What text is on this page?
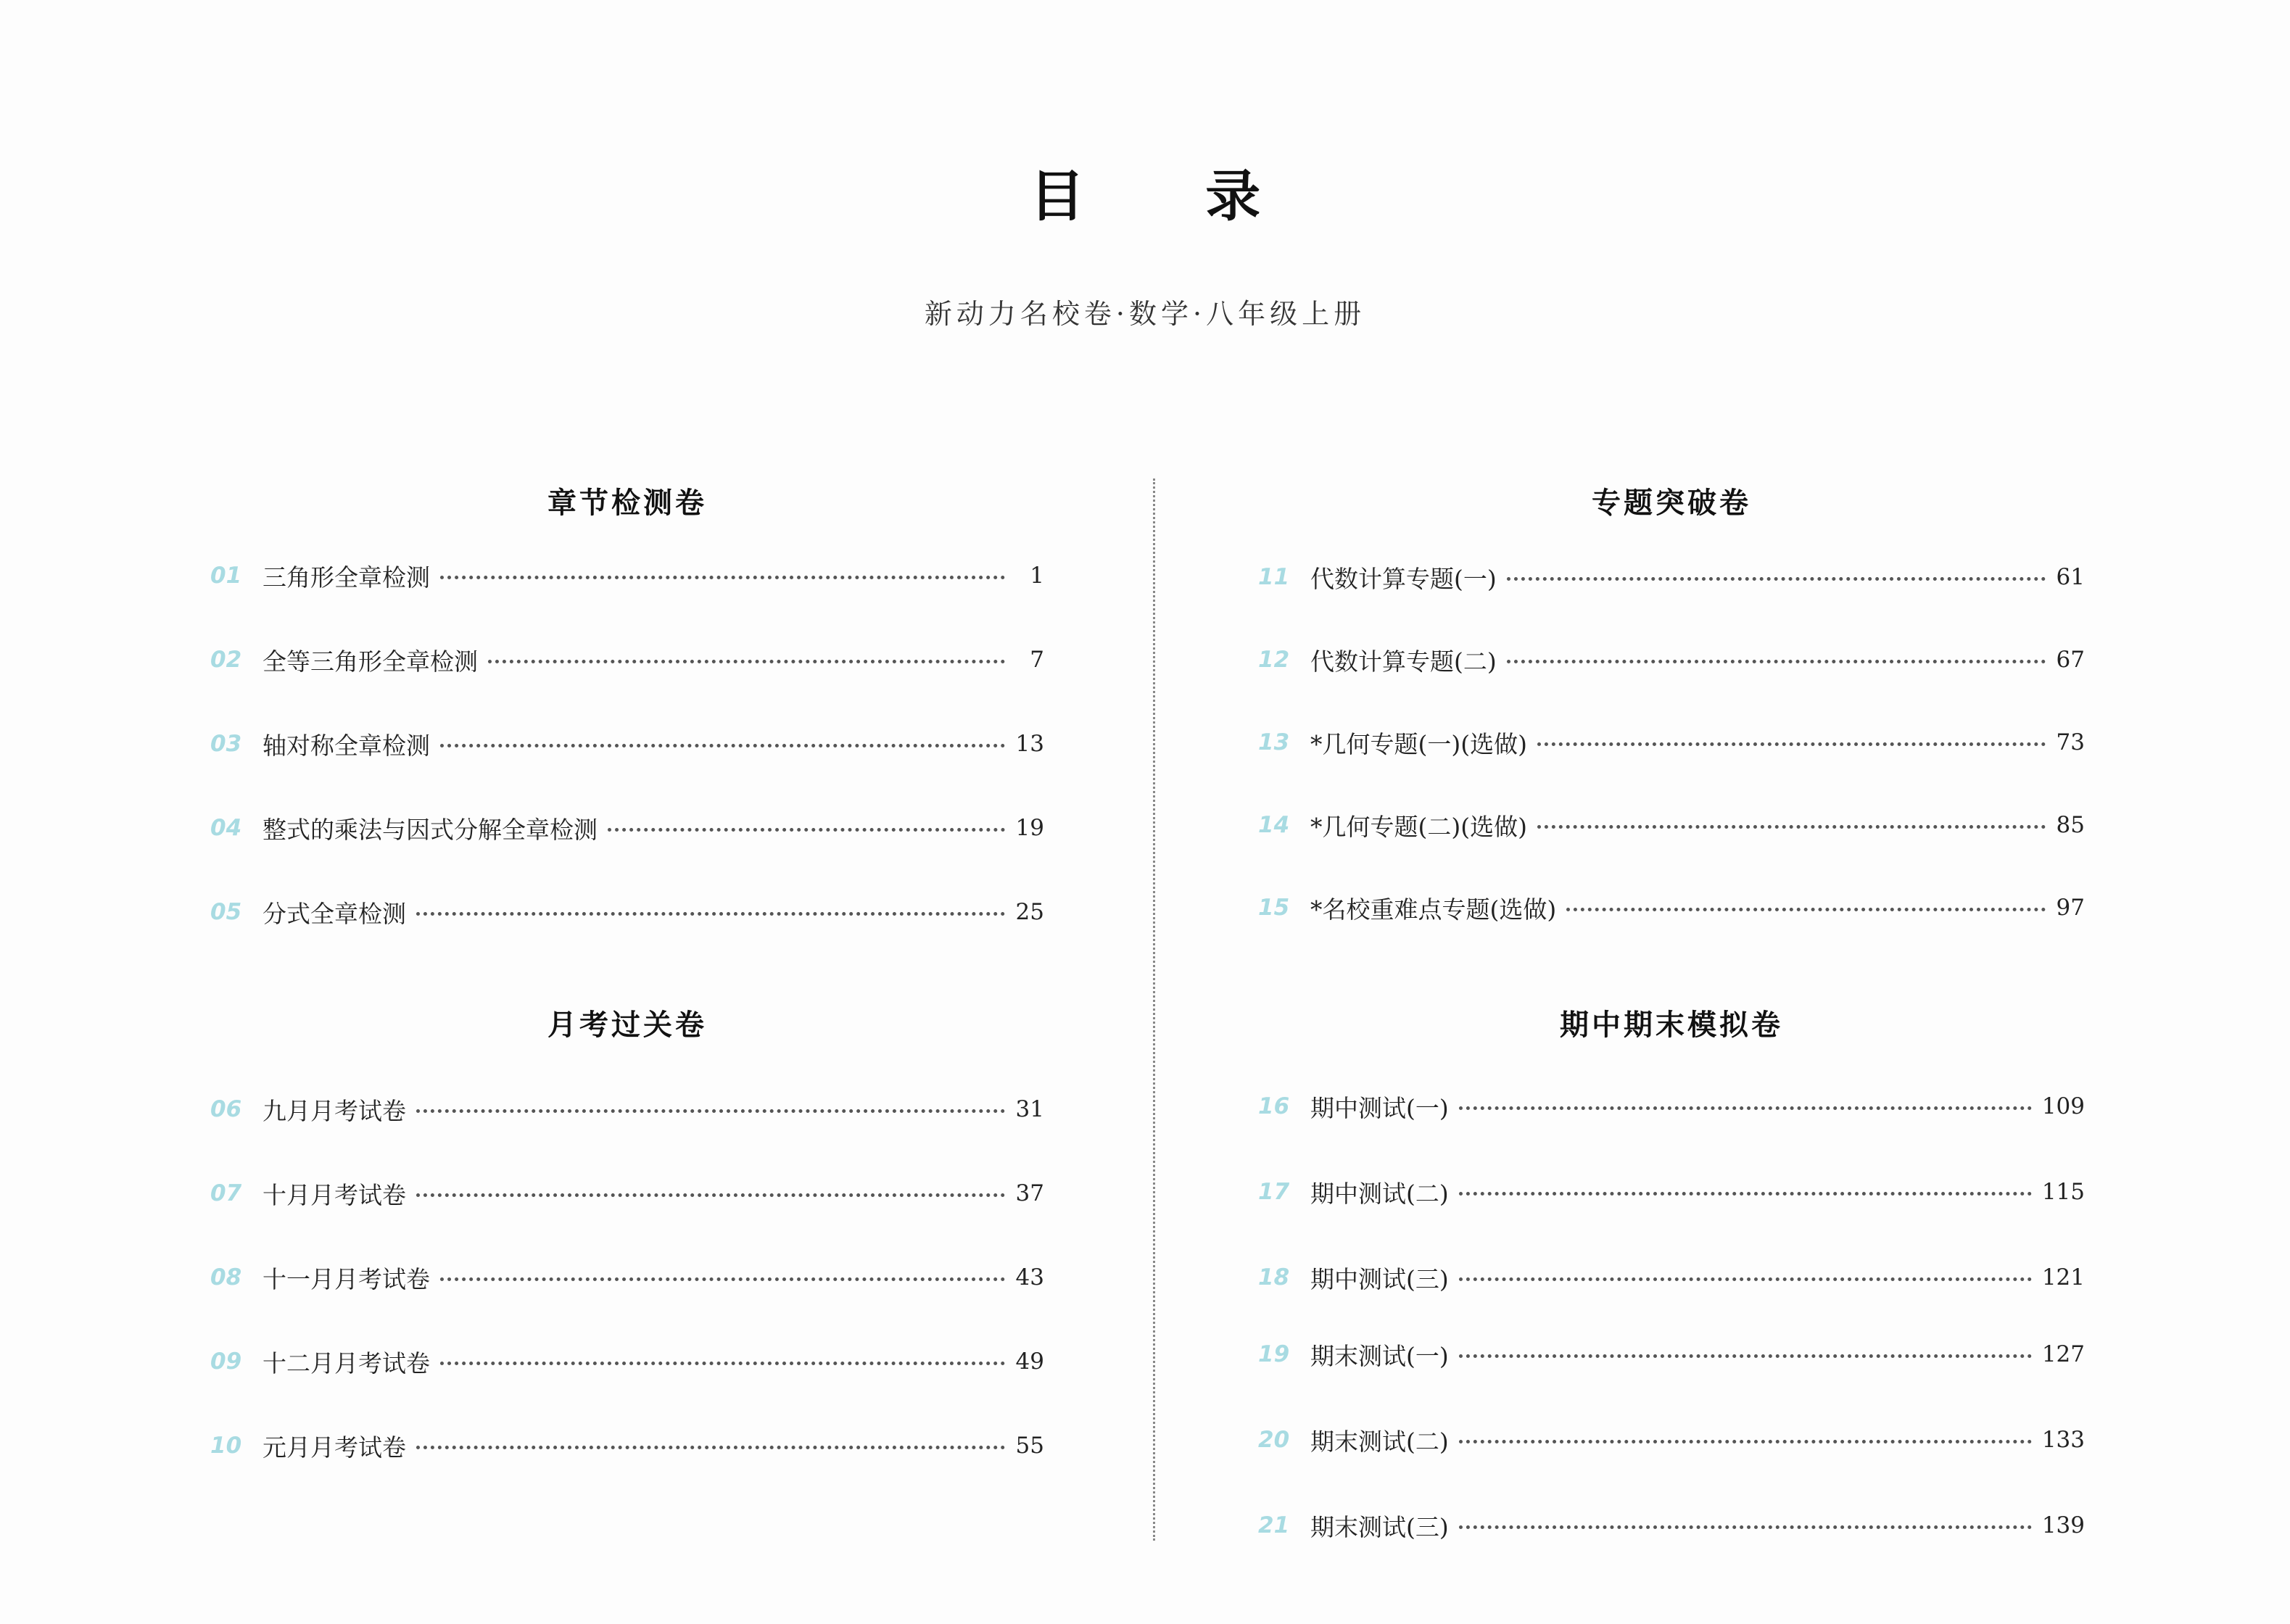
目 录
新动力名校卷·数学·八年级上册
章节检测卷
01 三角形全章检测	1
02 全等三角形全章检测	7
03 轴对称全章检测	13
04 整式的乘法与因式分解全章检测	19
05 分式全章检测	25
月考过关卷
06 九月月考试卷	31
07 十月月考试卷	37
08 十一月月考试卷	43
09 十二月月考试卷	49
10 元月月考试卷	55
专题突破卷
11 代数计算专题(一)	61
12 代数计算专题(二)	67
13 *几何专题(一)(选做)	73
14 *几何专题(二)(选做)	85
15 *名校重难点专题(选做)	97
期中期末模拟卷
16 期中测试(一)	109
17 期中测试(二)	115
18 期中测试(三)	121
19 期末测试(一)	127
20 期末测试(二)	133
21 期末测试(三)	139
